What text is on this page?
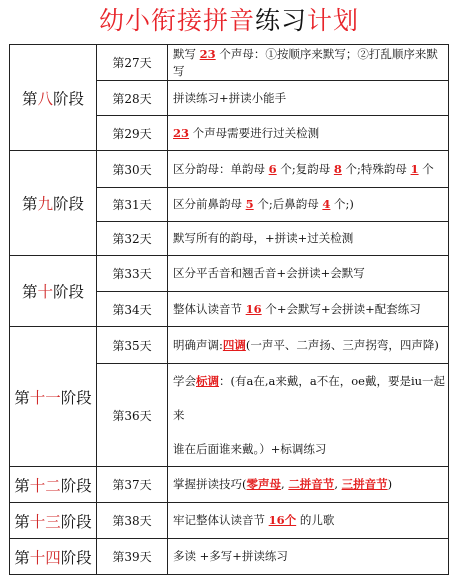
幼小衔接拼音练习计划
第八阶段	第27天	默写 23 个声母：①按顺序来默写；②打乱顺序来默写
	第28天	拼读练习+拼读小能手
	第29天	23 个声母需要进行过关检测
第九阶段	第30天	区分韵母：单韵母 6 个;复韵母 8 个;特殊韵母 1 个
	第31天	区分前鼻韵母 5 个;后鼻韵母 4 个;)
	第32天	默写所有的韵母，+拼读+过关检测
第十阶段	第33天	区分平舌音和翘舌音+会拼读+会默写
	第34天	整体认读音节 16 个+会默写+会拼读+配套练习
第十一阶段	第35天	明确声调:四调(一声平、二声扬、三声拐弯，四声降)
	第36天	学会标调：(有a在,a来戴，a不在，oe戴，要是iu一起来
谁在后面谁来戴。）+标调练习
第十二阶段	第37天	掌握拼读技巧(零声母, 二拼音节, 三拼音节)
第十三阶段	第38天	牢记整体认读音节 16个 的儿歌
第十四阶段	第39天	多读 +多写+拼读练习
